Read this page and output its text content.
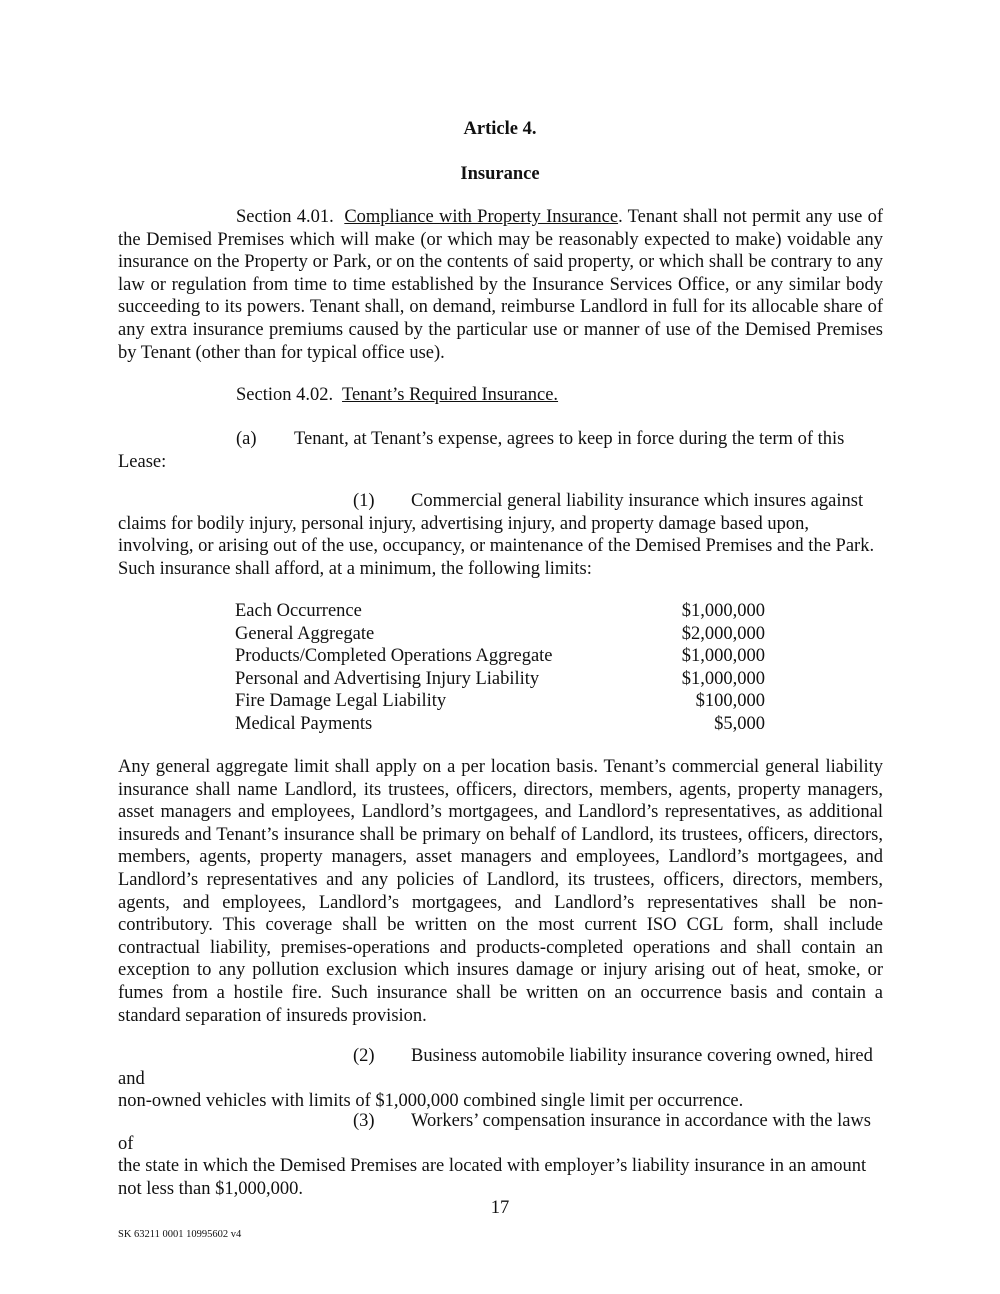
Article 4.
Insurance

Section 4.01. Compliance with Property Insurance. Tenant shall not permit any use of the Demised Premises which will make (or which may be reasonably expected to make) voidable any insurance on the Property or Park, or on the contents of said property, or which shall be contrary to any law or regulation from time to time established by the Insurance Services Office, or any similar body succeeding to its powers. Tenant shall, on demand, reimburse Landlord in full for its allocable share of any extra insurance premiums caused by the particular use or manner of use of the Demised Premises by Tenant (other than for typical office use).

Section 4.02. Tenant’s Required Insurance.

(a) Tenant, at Tenant’s expense, agrees to keep in force during the term of this
Lease:

(1) Commercial general liability insurance which insures against
claims for bodily injury, personal injury, advertising injury, and property damage based upon, involving, or arising out of the use, occupancy, or maintenance of the Demised Premises and the Park. Such insurance shall afford, at a minimum, the following limits:

Each Occurrence	$1,000,000
General Aggregate	$2,000,000
Products/Completed Operations Aggregate	$1,000,000
Personal and Advertising Injury Liability	$1,000,000
Fire Damage Legal Liability	$100,000
Medical Payments	$5,000

Any general aggregate limit shall apply on a per location basis. Tenant’s commercial general liability insurance shall name Landlord, its trustees, officers, directors, members, agents, property managers, asset managers and employees, Landlord’s mortgagees, and Landlord’s representatives, as additional insureds and Tenant’s insurance shall be primary on behalf of Landlord, its trustees, officers, directors, members, agents, property managers, asset managers and employees, Landlord’s mortgagees, and Landlord’s representatives and any policies of Landlord, its trustees, officers, directors, members, agents, and employees, Landlord’s mortgagees, and Landlord’s representatives shall be non-contributory. This coverage shall be written on the most current ISO CGL form, shall include contractual liability, premises-operations and products-completed operations and shall contain an exception to any pollution exclusion which insures damage or injury arising out of heat, smoke, or fumes from a hostile fire. Such insurance shall be written on an occurrence basis and contain a standard separation of insureds provision.

(2) Business automobile liability insurance covering owned, hired and
non-owned vehicles with limits of $1,000,000 combined single limit per occurrence.

(3) Workers’ compensation insurance in accordance with the laws of
the state in which the Demised Premises are located with employer’s liability insurance in an amount not less than $1,000,000.

17
SK 63211 0001 10995602 v4
